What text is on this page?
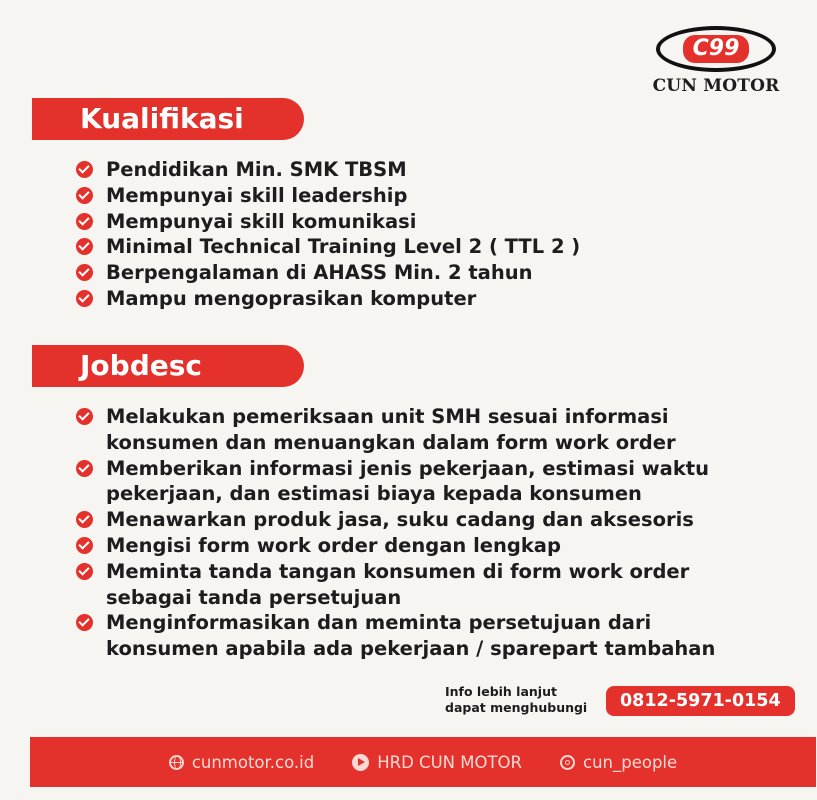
C99
CUN MOTOR
Kualifikasi
Pendidikan Min. SMK TBSM
Mempunyai skill leadership
Mempunyai skill komunikasi
Minimal Technical Training Level 2 ( TTL 2 )
Berpengalaman di AHASS Min. 2 tahun
Mampu mengoprasikan komputer
Jobdesc
Melakukan pemeriksaan unit SMH sesuai informasi
konsumen dan menuangkan dalam form work order
Memberikan informasi jenis pekerjaan, estimasi waktu
pekerjaan, dan estimasi biaya kepada konsumen
Menawarkan produk jasa, suku cadang dan aksesoris
Mengisi form work order dengan lengkap
Meminta tanda tangan konsumen di form work order
sebagai tanda persetujuan
Menginformasikan dan meminta persetujuan dari
konsumen apabila ada pekerjaan / sparepart tambahan
Info lebih lanjut
dapat menghubungi	0812-5971-0154
cunmotor.co.id	HRD CUN MOTOR	cun_people
